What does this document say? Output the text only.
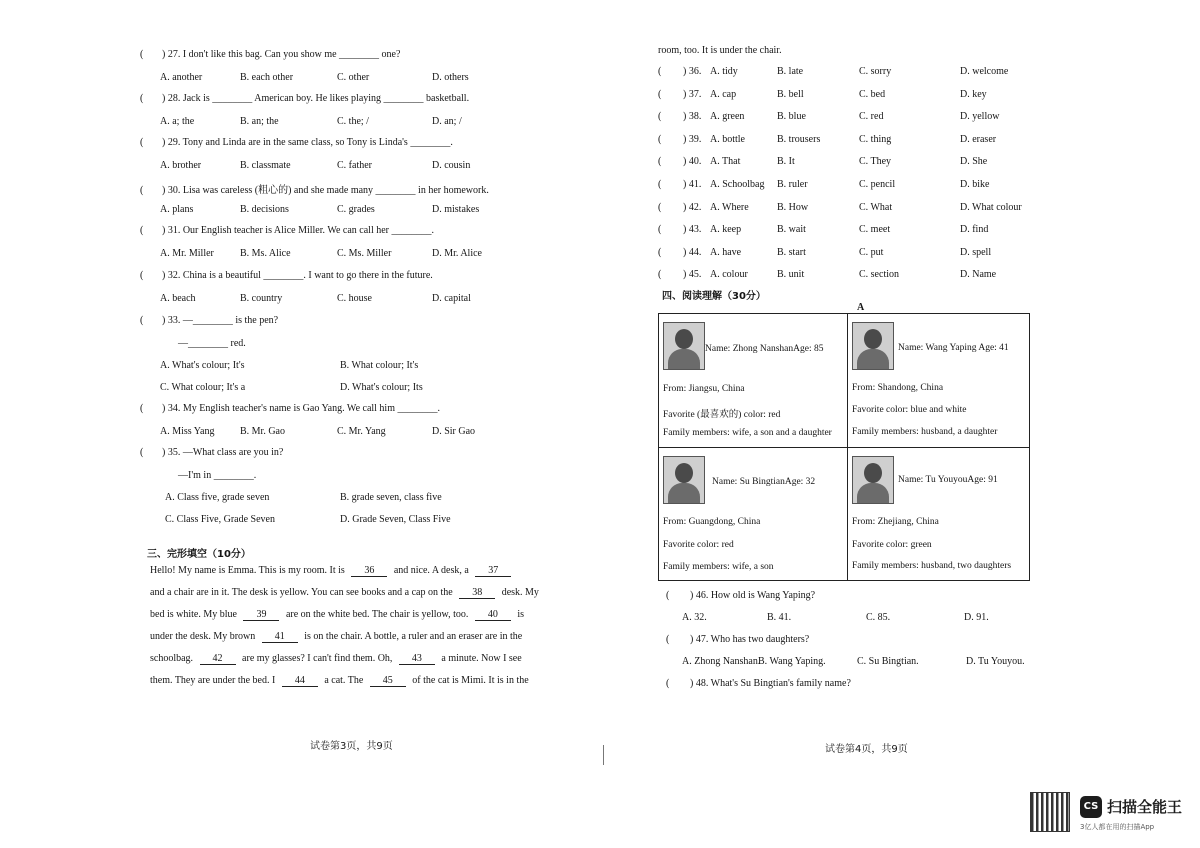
( ) 27. I don't like this bag. Can you show me ________ one?
A. another	B. each other	C. other	D. others
( ) 28. Jack is ________ American boy. He likes playing ________ basketball.
A. a; the	B. an; the	C. the; /	D. an; /
( ) 29. Tony and Linda are in the same class, so Tony is Linda's ________.
A. brother	B. classmate	C. father	D. cousin
( ) 30. Lisa was careless (粗心的) and she made many ________ in her homework.
A. plans	B. decisions	C. grades	D. mistakes
( ) 31. Our English teacher is Alice Miller. We can call her ________.
A. Mr. Miller	B. Ms. Alice	C. Ms. Miller	D. Mr. Alice
( ) 32. China is a beautiful ________. I want to go there in the future.
A. beach	B. country	C. house	D. capital
( ) 33. —________ is the pen?
—________ red.
A. What's colour; It's	B. What colour; It's
C. What colour; It's a	D. What's colour; Its
( ) 34. My English teacher's name is Gao Yang. We call him ________.
A. Miss Yang	B. Mr. Gao	C. Mr. Yang	D. Sir Gao
( ) 35. —What class are you in?
—I'm in ________.
A. Class five, grade seven	B. grade seven, class five
C. Class Five, Grade Seven	D. Grade Seven, Class Five
三、完形填空（10分）
Hello! My name is Emma. This is my room. It is 36 and nice. A desk, a 37
and a chair are in it. The desk is yellow. You can see books and a cap on the 38 desk. My
bed is white. My blue 39 are on the white bed. The chair is yellow, too. 40 is
under the desk. My brown 41 is on the chair. A bottle, a ruler and an eraser are in the
schoolbag. 42 are my glasses? I can't find them. Oh, 43 a minute. Now I see
them. They are under the bed. I 44 a cat. The 45 of the cat is Mimi. It is in the
试卷第3页，共9页
room, too. It is under the chair.
( ) 36. A. tidy	B. late	C. sorry	D. welcome
( ) 37. A. cap	B. bell	C. bed	D. key
( ) 38. A. green	B. blue	C. red	D. yellow
( ) 39. A. bottle	B. trousers	C. thing	D. eraser
( ) 40. A. That	B. It	C. They	D. She
( ) 41. A. Schoolbag B. ruler	C. pencil	D. bike
( ) 42. A. Where	B. How	C. What	D. What colour
( ) 43. A. keep	B. wait	C. meet	D. find
( ) 44. A. have	B. start	C. put	D. spell
( ) 45. A. colour	B. unit	C. section	D. Name
四、阅读理解（30分）
A
( ) 46. How old is Wang Yaping?
A. 32.	B. 41.	C. 85.	D. 91.
( ) 47. Who has two daughters?
A. Zhong Nanshan.
B. Wang Yaping.	C. Su Bingtian.	D. Tu Youyou.
( ) 48. What's Su Bingtian's family name?
试卷第4页，共9页
Name: Zhong NanshanAge: 85
From: Jiangsu, China
Favorite (最喜欢的) color: red
Family members: wife, a son and a daughter
Name: Wang Yaping Age: 41
From: Shandong, China
Favorite color: blue and white
Family members: husband, a daughter
Name: Su BingtianAge: 32
From: Guangdong, China
Favorite color: red
Family members: wife, a son
Name: Tu YouyouAge: 91
From: Zhejiang, China
Favorite color: green
Family members: husband, two daughters
CS 扫描全能王
3亿人都在用的扫描App
